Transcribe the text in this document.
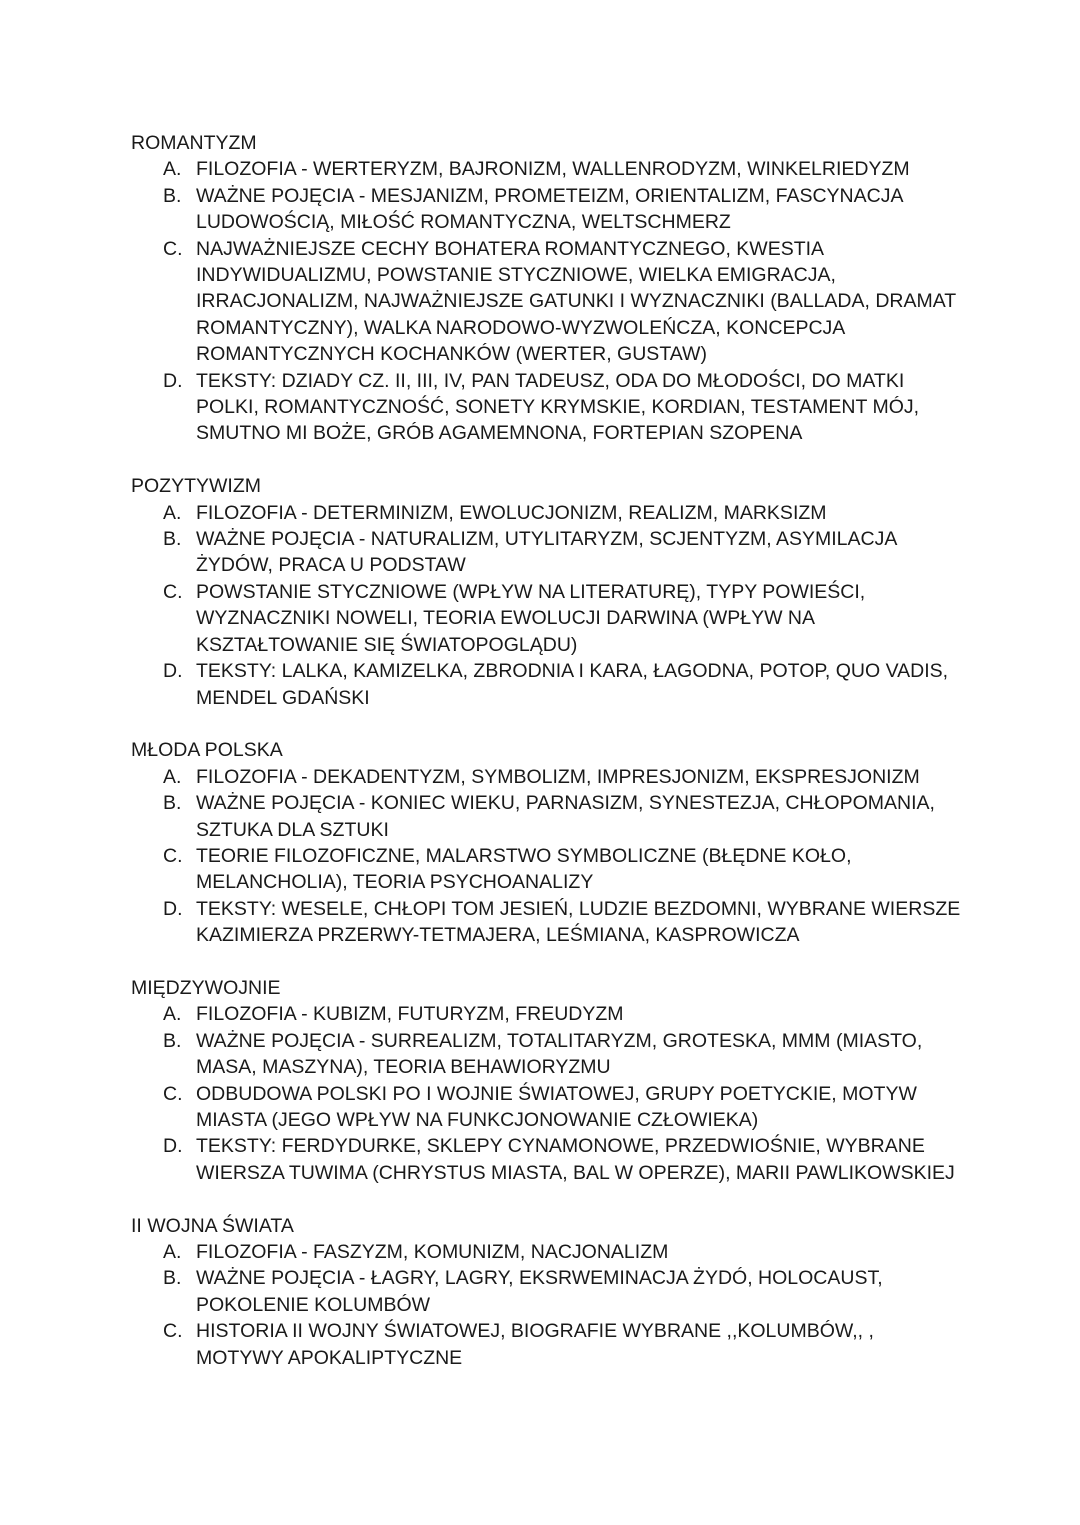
ROMANTYZM
A. FILOZOFIA - WERTERYZM, BAJRONIZM, WALLENRODYZM, WINKELRIEDYZM
B. WAŻNE POJĘCIA - MESJANIZM, PROMETEIZM, ORIENTALIZM, FASCYNACJA LUDOWOŚCIĄ, MIŁOŚĆ ROMANTYCZNA, WELTSCHMERZ
C. NAJWAŻNIEJSZE CECHY BOHATERA ROMANTYCZNEGO, KWESTIA INDYWIDUALIZMU, POWSTANIE STYCZNIOWE, WIELKA EMIGRACJA, IRRACJONALIZM, NAJWAŻNIEJSZE GATUNKI I WYZNACZNIKI (BALLADA, DRAMAT ROMANTYCZNY), WALKA NARODOWO-WYZWOLEŃCZA, KONCEPCJA ROMANTYCZNYCH KOCHANKÓW (WERTER, GUSTAW)
D. TEKSTY: DZIADY CZ. II, III, IV, PAN TADEUSZ, ODA DO MŁODOŚCI, DO MATKI POLKI, ROMANTYCZNOŚĆ, SONETY KRYMSKIE, KORDIAN, TESTAMENT MÓJ, SMUTNO MI BOŻE, GRÓB AGAMEMNONA, FORTEPIAN SZOPENA
POZYTYWIZM
A. FILOZOFIA - DETERMINIZM, EWOLUCJONIZM, REALIZM, MARKSIZM
B. WAŻNE POJĘCIA - NATURALIZM, UTYLITARYZM, SCJENTYZM, ASYMILACJA ŻYDÓW, PRACA U PODSTAW
C. POWSTANIE STYCZNIOWE (WPŁYW NA LITERATURĘ), TYPY POWIEŚCI, WYZNACZNIKI NOWELI, TEORIA EWOLUCJI DARWINA (WPŁYW NA KSZTAŁTOWANIE SIĘ ŚWIATOPOGLĄDU)
D. TEKSTY: LALKA, KAMIZELKA, ZBRODNIA I KARA, ŁAGODNA, POTOP, QUO VADIS, MENDEL GDAŃSKI
MŁODA POLSKA
A. FILOZOFIA - DEKADENTYZM, SYMBOLIZM, IMPRESJONIZM, EKSPRESJONIZM
B. WAŻNE POJĘCIA - KONIEC WIEKU, PARNASIZM, SYNESTEZJA, CHŁOPOMANIA, SZTUKA DLA SZTUKI
C. TEORIE FILOZOFICZNE, MALARSTWO SYMBOLICZNE (BŁĘDNE KOŁO, MELANCHOLIA), TEORIA PSYCHOANALIZY
D. TEKSTY: WESELE, CHŁOPI TOM JESIEŃ, LUDZIE BEZDOMNI, WYBRANE WIERSZE KAZIMIERZA PRZERWY-TETMAJERA, LEŚMIANA, KASPROWICZA
MIĘDZYWOJNIE
A. FILOZOFIA - KUBIZM, FUTURYZM, FREUDYZM
B. WAŻNE POJĘCIA - SURREALIZM, TOTALITARYZM, GROTESKA, MMM (MIASTO, MASA, MASZYNA), TEORIA BEHAWIORYZMU
C. ODBUDOWA POLSKI PO I WOJNIE ŚWIATOWEJ, GRUPY POETYCKIE, MOTYW MIASTA (JEGO WPŁYW NA FUNKCJONOWANIE CZŁOWIEKA)
D. TEKSTY: FERDYDURKE, SKLEPY CYNAMONOWE, PRZEDWIOŚNIE, WYBRANE WIERSZA TUWIMA (CHRYSTUS MIASTA, BAL W OPERZE), MARII PAWLIKOWSKIEJ
II WOJNA ŚWIATA
A. FILOZOFIA - FASZYZM, KOMUNIZM, NACJONALIZM
B. WAŻNE POJĘCIA - ŁAGRY, LAGRY, EKSRWEMINACJA ŻYDÓ, HOLOCAUST, POKOLENIE KOLUMBÓW
C. HISTORIA II WOJNY ŚWIATOWEJ, BIOGRAFIE WYBRANE ,,KOLUMBÓW,, , MOTYWY APOKALIPTYCZNE
